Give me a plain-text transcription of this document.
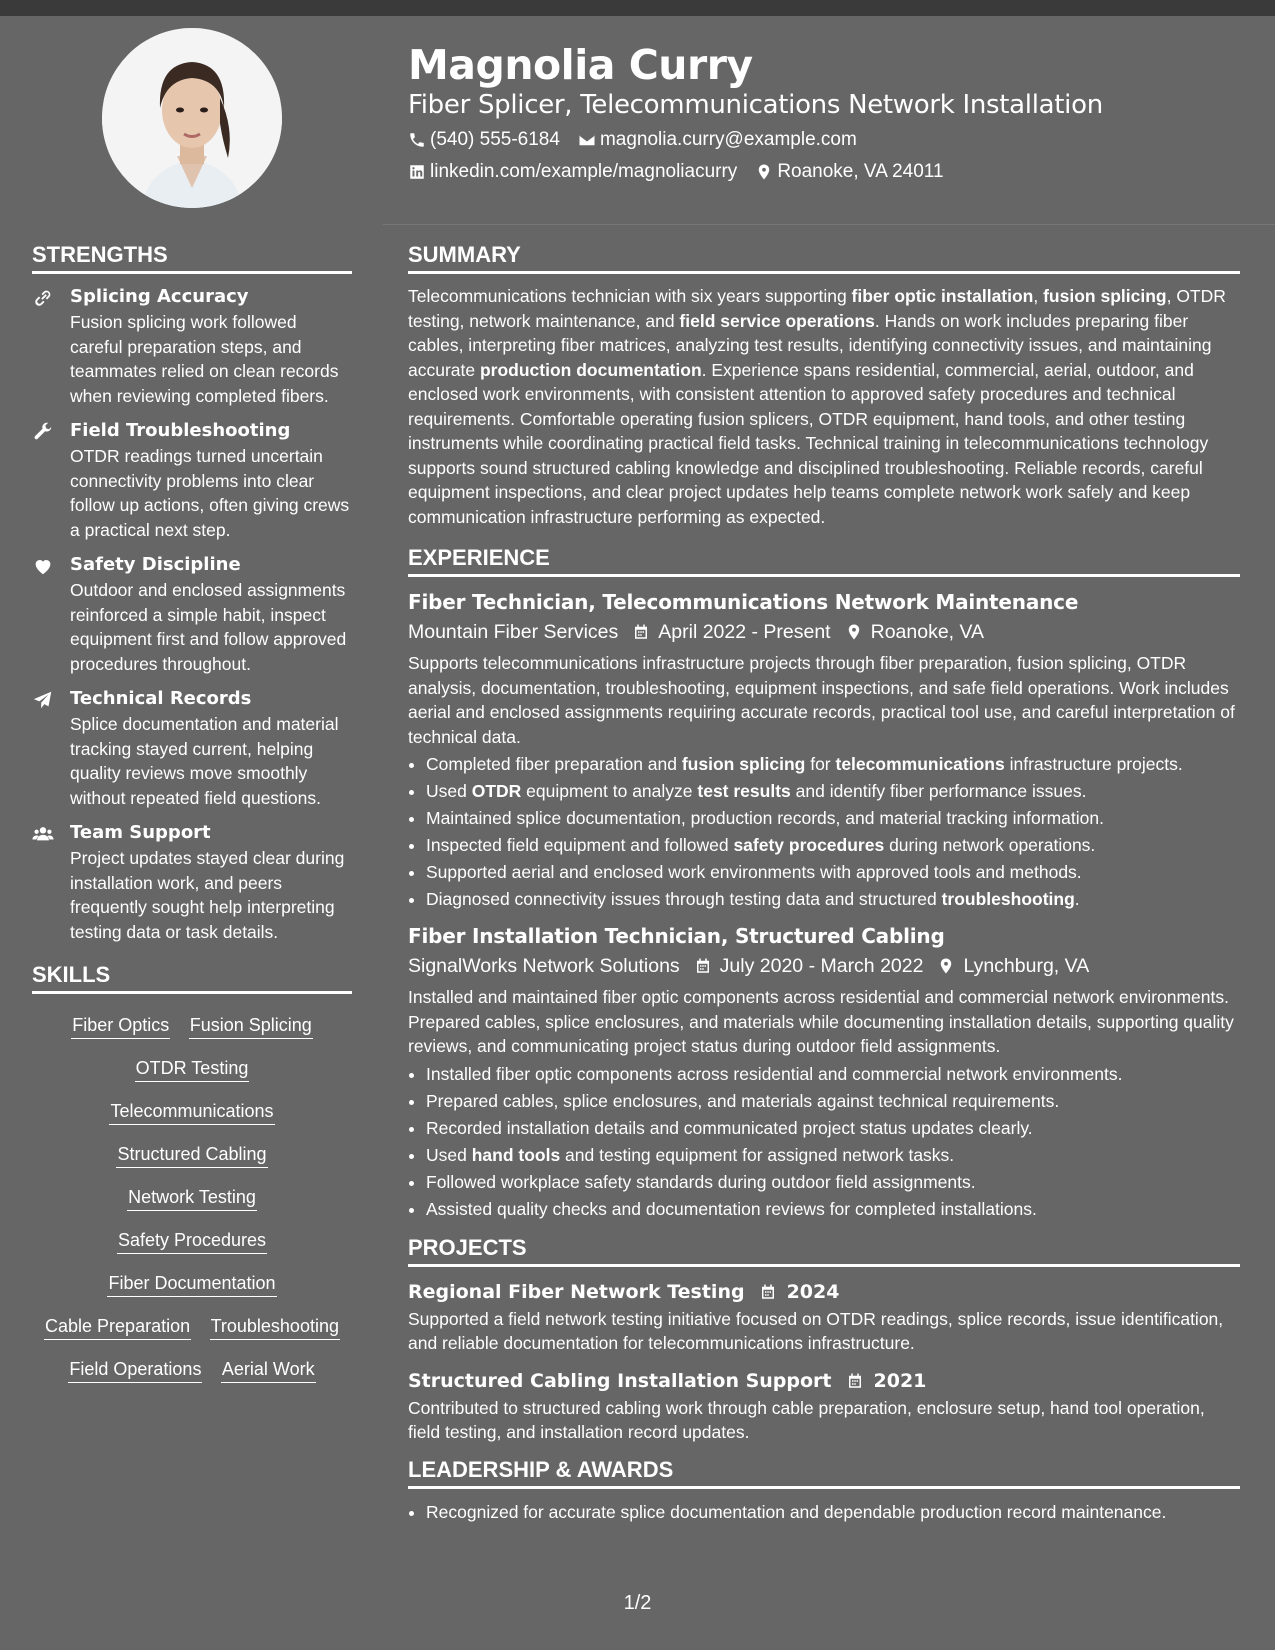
Magnolia Curry
Fiber Splicer, Telecommunications Network Installation
(540) 555-6184 magnolia.curry@example.com
linkedin.com/example/magnoliacurry Roanoke, VA 24011
STRENGTHS
Splicing Accuracy
Fusion splicing work followed careful preparation steps, and teammates relied on clean records when reviewing completed fibers.
Field Troubleshooting
OTDR readings turned uncertain connectivity problems into clear follow up actions, often giving crews a practical next step.
Safety Discipline
Outdoor and enclosed assignments reinforced a simple habit, inspect equipment first and follow approved procedures throughout.
Technical Records
Splice documentation and material tracking stayed current, helping quality reviews move smoothly without repeated field questions.
Team Support
Project updates stayed clear during installation work, and peers frequently sought help interpreting testing data or task details.
SKILLS
Fiber Optics Fusion Splicing
OTDR Testing
Telecommunications
Structured Cabling
Network Testing
Safety Procedures
Fiber Documentation
Cable Preparation Troubleshooting
Field Operations Aerial Work
SUMMARY
Telecommunications technician with six years supporting fiber optic installation, fusion splicing, OTDR testing, network maintenance, and field service operations. Hands on work includes preparing fiber cables, interpreting fiber matrices, analyzing test results, identifying connectivity issues, and maintaining accurate production documentation. Experience spans residential, commercial, aerial, outdoor, and enclosed work environments, with consistent attention to approved safety procedures and technical requirements. Comfortable operating fusion splicers, OTDR equipment, hand tools, and other testing instruments while coordinating practical field tasks. Technical training in telecommunications technology supports sound structured cabling knowledge and disciplined troubleshooting. Reliable records, careful equipment inspections, and clear project updates help teams complete network work safely and keep communication infrastructure performing as expected.
EXPERIENCE
Fiber Technician, Telecommunications Network Maintenance
Mountain Fiber Services April 2022 - Present Roanoke, VA
Supports telecommunications infrastructure projects through fiber preparation, fusion splicing, OTDR analysis, documentation, troubleshooting, equipment inspections, and safe field operations. Work includes aerial and enclosed assignments requiring accurate records, practical tool use, and careful interpretation of technical data.
• Completed fiber preparation and fusion splicing for telecommunications infrastructure projects.
• Used OTDR equipment to analyze test results and identify fiber performance issues.
• Maintained splice documentation, production records, and material tracking information.
• Inspected field equipment and followed safety procedures during network operations.
• Supported aerial and enclosed work environments with approved tools and methods.
• Diagnosed connectivity issues through testing data and structured troubleshooting.
Fiber Installation Technician, Structured Cabling
SignalWorks Network Solutions July 2020 - March 2022 Lynchburg, VA
Installed and maintained fiber optic components across residential and commercial network environments. Prepared cables, splice enclosures, and materials while documenting installation details, supporting quality reviews, and communicating project status during outdoor field assignments.
• Installed fiber optic components across residential and commercial network environments.
• Prepared cables, splice enclosures, and materials against technical requirements.
• Recorded installation details and communicated project status updates clearly.
• Used hand tools and testing equipment for assigned network tasks.
• Followed workplace safety standards during outdoor field assignments.
• Assisted quality checks and documentation reviews for completed installations.
PROJECTS
Regional Fiber Network Testing 2024
Supported a field network testing initiative focused on OTDR readings, splice records, issue identification, and reliable documentation for telecommunications infrastructure.
Structured Cabling Installation Support 2021
Contributed to structured cabling work through cable preparation, enclosure setup, hand tool operation, field testing, and installation record updates.
LEADERSHIP & AWARDS
• Recognized for accurate splice documentation and dependable production record maintenance.
1/2
